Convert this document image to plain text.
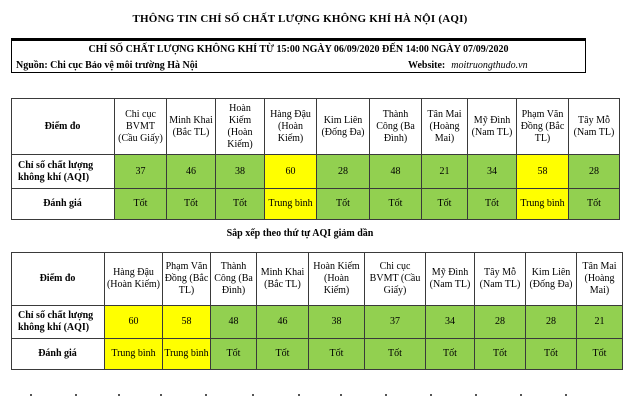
THÔNG TIN CHỈ SỐ CHẤT LƯỢNG KHÔNG KHÍ HÀ NỘI (AQI)
CHỈ SỐ CHẤT LƯỢNG KHÔNG KHÍ TỪ 15:00 NGÀY 06/09/2020 ĐẾN 14:00 NGÀY 07/09/2020
Nguồn: Chi cục Bảo vệ môi trường Hà Nội	Website: moitruongthudo.vn
Điểm đo	Chi cục BVMT (Cầu Giấy)	Minh Khai (Bắc TL)	Hoàn Kiếm (Hoàn Kiếm)	Hàng Đậu (Hoàn Kiếm)	Kim Liên (Đống Đa)	Thành Công (Ba Đình)	Tân Mai (Hoàng Mai)	Mỹ Đình (Nam TL)	Phạm Văn Đồng (Bắc TL)	Tây Mỗ (Nam TL)
Chỉ số chất lượng không khí (AQI)	37	46	38	60	28	48	21	34	58	28
Đánh giá	Tốt	Tốt	Tốt	Trung bình	Tốt	Tốt	Tốt	Tốt	Trung bình	Tốt
Sắp xếp theo thứ tự AQI giảm dần
Điểm đo	Hàng Đậu (Hoàn Kiếm)	Phạm Văn Đồng (Bắc TL)	Thành Công (Ba Đình)	Minh Khai (Bắc TL)	Hoàn Kiếm (Hoàn Kiếm)	Chi cục BVMT (Cầu Giấy)	Mỹ Đình (Nam TL)	Tây Mỗ (Nam TL)	Kim Liên (Đống Đa)	Tân Mai (Hoàng Mai)
Chỉ số chất lượng không khí (AQI)	60	58	48	46	38	37	34	28	28	21
Đánh giá	Trung bình	Trung bình	Tốt	Tốt	Tốt	Tốt	Tốt	Tốt	Tốt	Tốt
